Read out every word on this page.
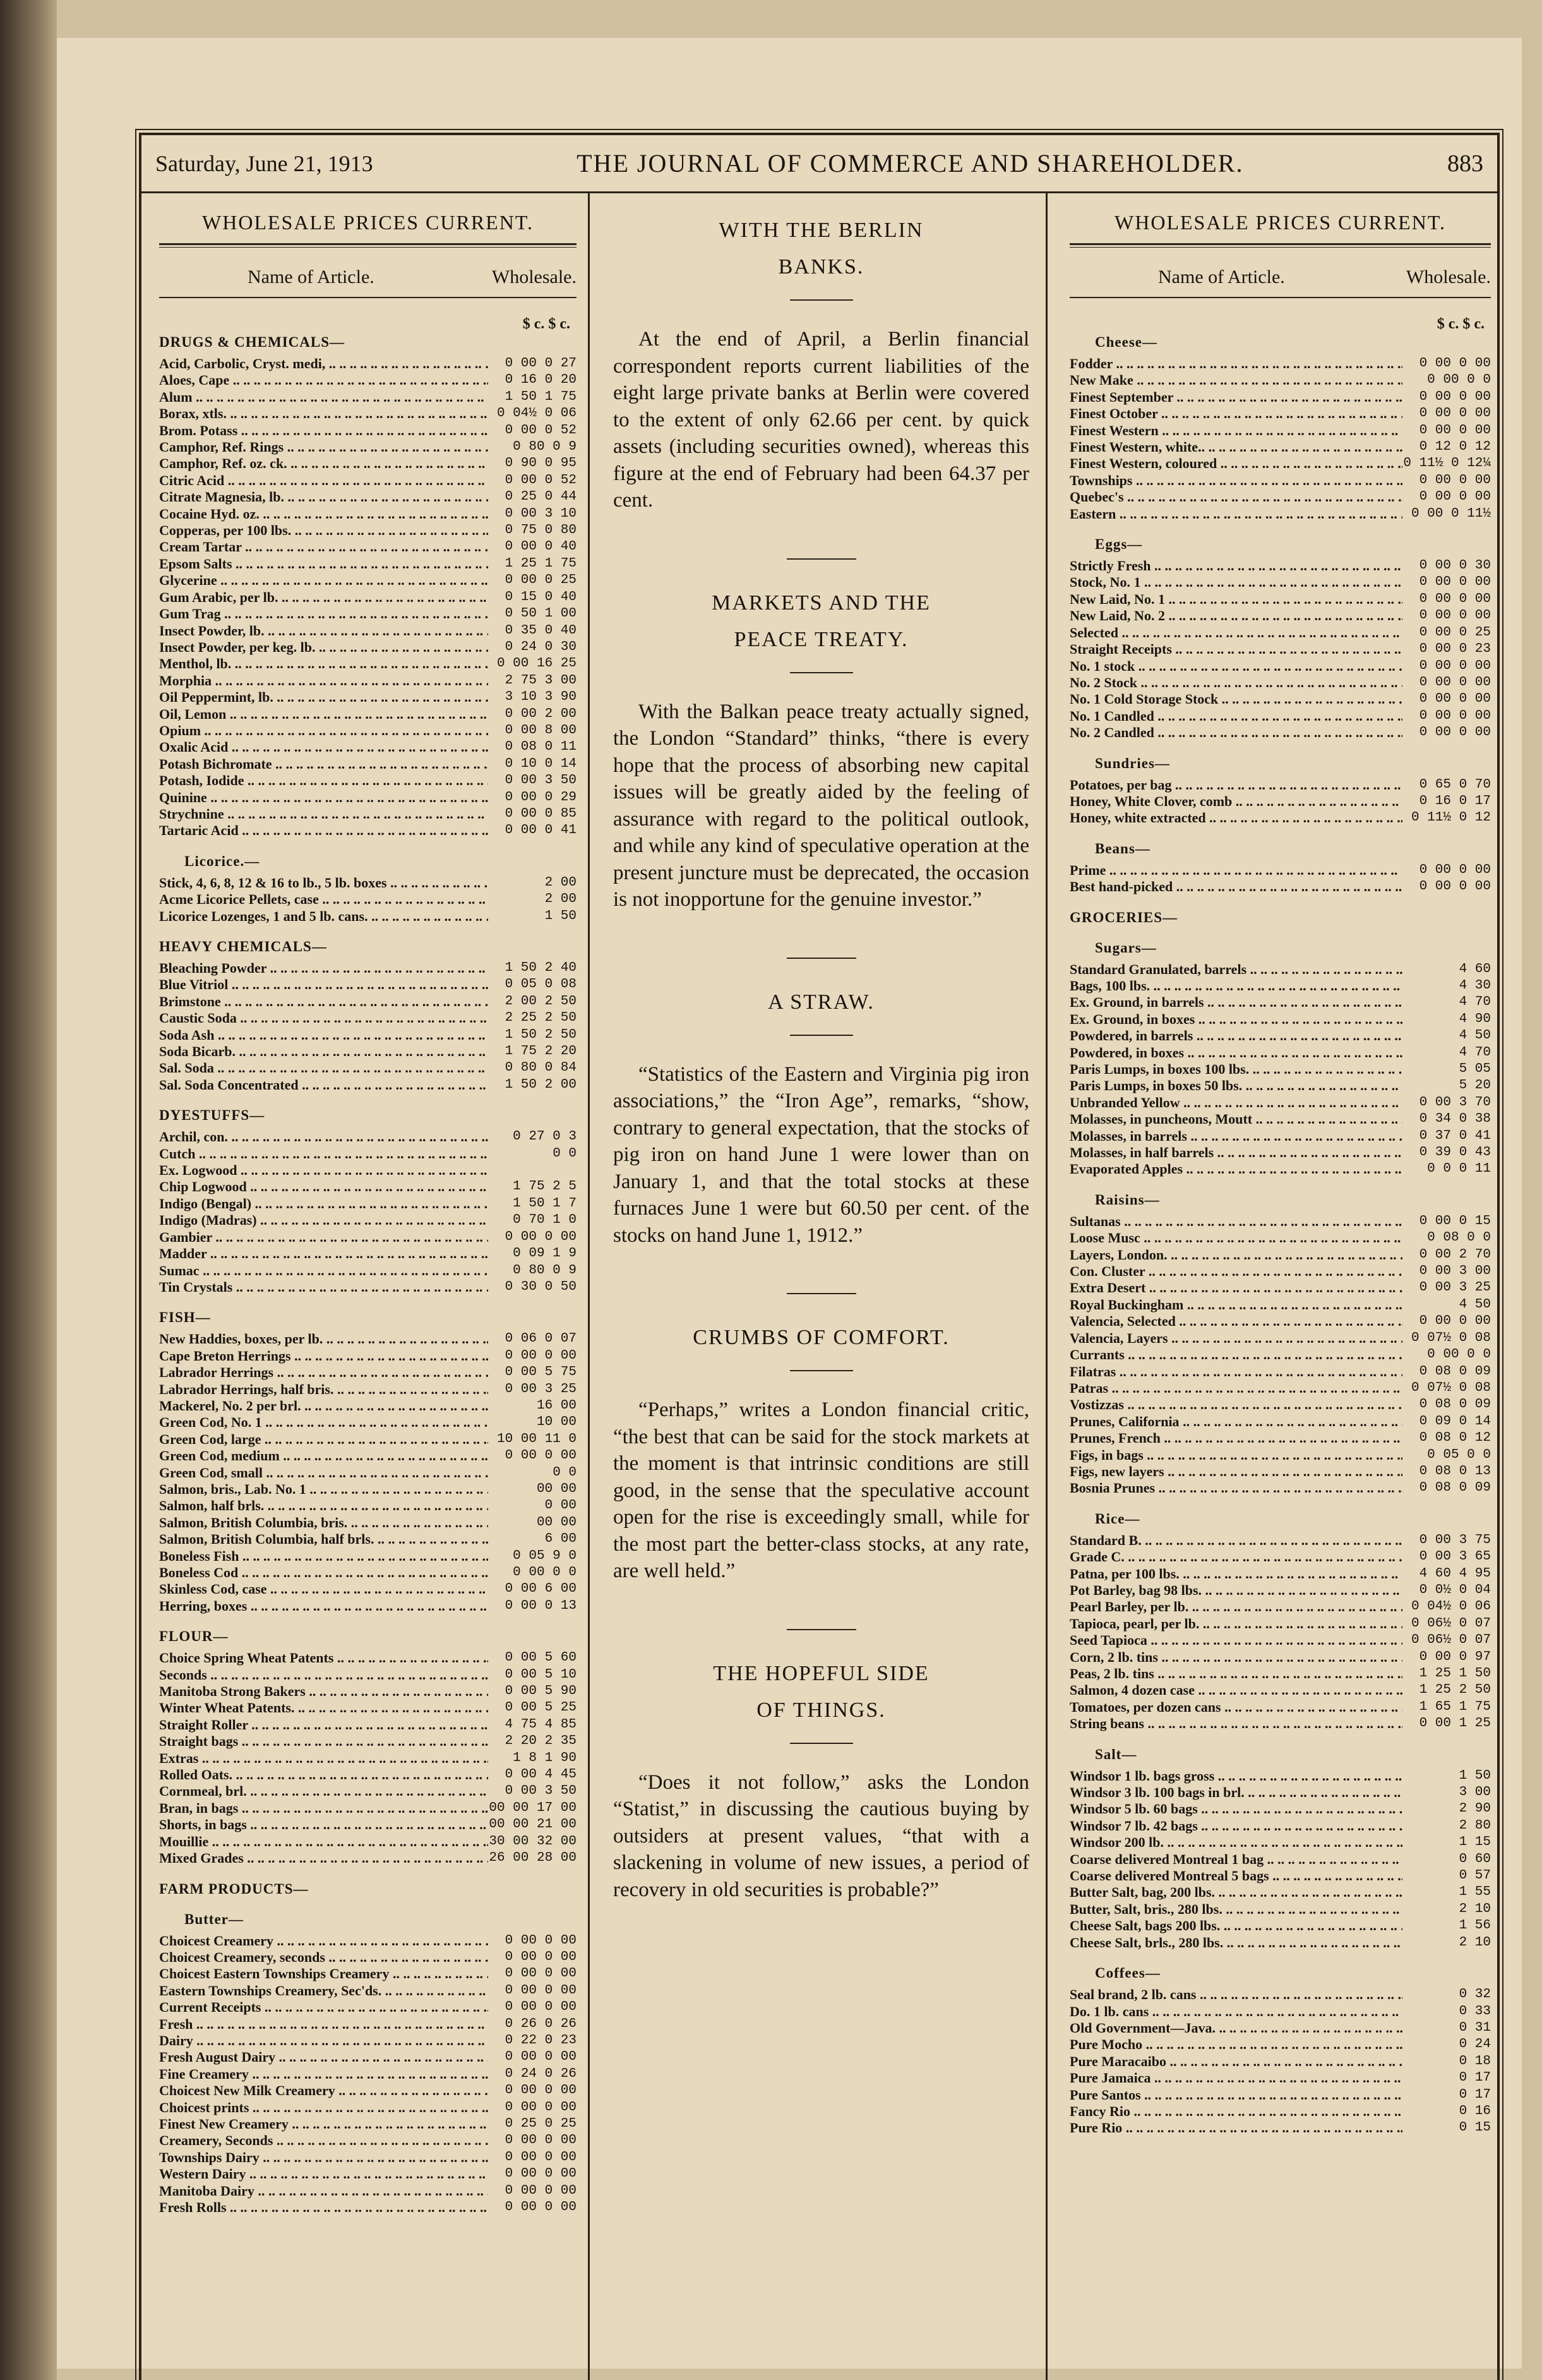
Saturday, June 21, 1913	THE JOURNAL OF COMMERCE AND SHAREHOLDER.	883
WHOLESALE PRICES CURRENT.
Name of Article.	Wholesale.
$ c. $ c.
DRUGS & CHEMICALS—
Acid, Carbolic, Cryst. medi, .. ..	0 00 0 27
Aloes, Cape .. ..	0 16 0 20
Alum .. ..	1 50 1 75
Borax, xtls. .. ..	0 04½ 0 06
Brom. Potass .. ..	0 00 0 52
Camphor, Ref. Rings .. ..	0 80 0 9
Camphor, Ref. oz. ck. .. ..	0 90 0 95
Citric Acid .. ..	0 00 0 52
Citrate Magnesia, lb. .. ..	0 25 0 44
Cocaine Hyd. oz. .. ..	0 00 3 10
Copperas, per 100 lbs. .. ..	0 75 0 80
Cream Tartar .. ..	0 00 0 40
Epsom Salts .. ..	1 25 1 75
Glycerine .. ..	0 00 0 25
Gum Arabic, per lb. .. ..	0 15 0 40
Gum Trag .. ..	0 50 1 00
Insect Powder, lb. .. ..	0 35 0 40
Insect Powder, per keg. lb. .. ..	0 24 0 30
Menthol, lb. .. ..	0 00 16 25
Morphia .. ..	2 75 3 00
Oil Peppermint, lb. .. ..	3 10 3 90
Oil, Lemon .. ..	0 00 2 00
Opium .. ..	0 00 8 00
Oxalic Acid .. ..	0 08 0 11
Potash Bichromate .. ..	0 10 0 14
Potash, Iodide .. ..	0 00 3 50
Quinine .. ..	0 00 0 29
Strychnine .. ..	0 00 0 85
Tartaric Acid .. ..	0 00 0 41
Licorice.—
Stick, 4, 6, 8, 12 & 16 to lb., 5 lb. boxes .. ..	2 00
Acme Licorice Pellets, case .. ..	2 00
Licorice Lozenges, 1 and 5 lb. cans. .. ..	1 50
HEAVY CHEMICALS—
Bleaching Powder .. ..	1 50 2 40
Blue Vitriol .. ..	0 05 0 08
Brimstone .. ..	2 00 2 50
Caustic Soda .. ..	2 25 2 50
Soda Ash .. ..	1 50 2 50
Soda Bicarb. .. ..	1 75 2 20
Sal. Soda .. ..	0 80 0 84
Sal. Soda Concentrated .. ..	1 50 2 00
DYESTUFFS—
Archil, con. .. ..	0 27 0 3
Cutch .. ..	0 0
Ex. Logwood .. ..
Chip Logwood .. ..	1 75 2 5
Indigo (Bengal) .. ..	1 50 1 7
Indigo (Madras) .. ..	0 70 1 0
Gambier .. ..	0 00 0 00
Madder .. ..	0 09 1 9
Sumac .. ..	0 80 0 9
Tin Crystals .. ..	0 30 0 50
FISH—
New Haddies, boxes, per lb. .. ..	0 06 0 07
Cape Breton Herrings .. ..	0 00 0 00
Labrador Herrings .. ..	0 00 5 75
Labrador Herrings, half bris. .. ..	0 00 3 25
Mackerel, No. 2 per brl. .. ..	16 00
Green Cod, No. 1 .. ..	10 00
Green Cod, large .. ..	10 00 11 0
Green Cod, medium .. ..	0 00 0 00
Green Cod, small .. ..	0 0
Salmon, bris., Lab. No. 1 .. ..	00 00
Salmon, half brls. .. ..	0 00
Salmon, British Columbia, bris. .. ..	00 00
Salmon, British Columbia, half brls. .. ..	6 00
Boneless Fish .. ..	0 05 9 0
Boneless Cod .. ..	0 00 0 0
Skinless Cod, case .. ..	0 00 6 00
Herring, boxes .. ..	0 00 0 13
FLOUR—
Choice Spring Wheat Patents .. ..	0 00 5 60
Seconds .. ..	0 00 5 10
Manitoba Strong Bakers .. ..	0 00 5 90
Winter Wheat Patents. .. ..	0 00 5 25
Straight Roller .. ..	4 75 4 85
Straight bags .. ..	2 20 2 35
Extras .. ..	1 8 1 90
Rolled Oats. .. ..	0 00 4 45
Cornmeal, brl. .. ..	0 00 3 50
Bran, in bags .. ..	00 00 17 00
Shorts, in bags .. ..	00 00 21 00
Mouillie .. ..	30 00 32 00
Mixed Grades .. ..	26 00 28 00
FARM PRODUCTS—
Butter—
Choicest Creamery .. ..	0 00 0 00
Choicest Creamery, seconds .. ..	0 00 0 00
Choicest Eastern Townships Creamery .. ..	0 00 0 00
Eastern Townships Creamery, Sec'ds. .. ..	0 00 0 00
Current Receipts .. ..	0 00 0 00
Fresh .. ..	0 26 0 26
Dairy .. ..	0 22 0 23
Fresh August Dairy .. ..	0 00 0 00
Fine Creamery .. ..	0 24 0 26
Choicest New Milk Creamery .. ..	0 00 0 00
Choicest prints .. ..	0 00 0 00
Finest New Creamery .. ..	0 25 0 25
Creamery, Seconds .. ..	0 00 0 00
Townships Dairy .. ..	0 00 0 00
Western Dairy .. ..	0 00 0 00
Manitoba Dairy .. ..	0 00 0 00
Fresh Rolls .. ..	0 00 0 00
WITH THE BERLIN
BANKS.

At the end of April, a Berlin financial correspondent reports current liabilities of the eight large private banks at Berlin were covered to the extent of only 62.66 per cent. by quick assets (including securities owned), whereas this figure at the end of February had been 64.37 per cent.

MARKETS AND THE
PEACE TREATY.

With the Balkan peace treaty actually signed, the London “Standard” thinks, “there is every hope that the process of absorbing new capital issues will be greatly aided by the feeling of assurance with regard to the political outlook, and while any kind of speculative operation at the present juncture must be deprecated, the occasion is not inopportune for the genuine investor.”

A STRAW.

“Statistics of the Eastern and Virginia pig iron associations,” the “Iron Age”, remarks, “show, contrary to general expectation, that the stocks of pig iron on hand June 1 were lower than on January 1, and that the total stocks at these furnaces June 1 were but 60.50 per cent. of the stocks on hand June 1, 1912.”

CRUMBS OF COMFORT.

“Perhaps,” writes a London financial critic, “the best that can be said for the stock markets at the moment is that intrinsic conditions are still good, in the sense that the speculative account open for the rise is exceedingly small, while for the most part the better-class stocks, at any rate, are well held.”

THE HOPEFUL SIDE
OF THINGS.

“Does it not follow,” asks the London “Statist,” in discussing the cautious buying by outsiders at present values, “that with a slackening in volume of new issues, a period of recovery in old securities is probable?”

WHOLESALE PRICES CURRENT.
Name of Article.	Wholesale.
$ c. $ c.
Cheese—
Fodder .. ..	0 00 0 00
New Make .. ..	0 00 0 0
Finest September .. ..	0 00 0 00
Finest October .. ..	0 00 0 00
Finest Western .. ..	0 00 0 00
Finest Western, white.. .. ..	0 12 0 12
Finest Western, coloured .. ..	0 11½ 0 12¼
Townships .. ..	0 00 0 00
Quebec's .. ..	0 00 0 00
Eastern .. ..	0 00 0 11½
Eggs—
Strictly Fresh .. ..	0 00 0 30
Stock, No. 1 .. ..	0 00 0 00
New Laid, No. 1 .. ..	0 00 0 00
New Laid, No. 2 .. ..	0 00 0 00
Selected .. ..	0 00 0 25
Straight Receipts .. ..	0 00 0 23
No. 1 stock .. ..	0 00 0 00
No. 2 Stock .. ..	0 00 0 00
No. 1 Cold Storage Stock .. ..	0 00 0 00
No. 1 Candled .. ..	0 00 0 00
No. 2 Candled .. ..	0 00 0 00
Sundries—
Potatoes, per bag .. ..	0 65 0 70
Honey, White Clover, comb .. ..	0 16 0 17
Honey, white extracted .. ..	0 11½ 0 12
Beans—
Prime .. ..	0 00 0 00
Best hand-picked .. ..	0 00 0 00
GROCERIES—
Sugars—
Standard Granulated, barrels .. ..	4 60
Bags, 100 lbs. .. ..	4 30
Ex. Ground, in barrels .. ..	4 70
Ex. Ground, in boxes .. ..	4 90
Powdered, in barrels .. ..	4 50
Powdered, in boxes .. ..	4 70
Paris Lumps, in boxes 100 lbs. .. ..	5 05
Paris Lumps, in boxes 50 lbs. .. ..	5 20
Unbranded Yellow .. ..	0 00 3 70
Molasses, in puncheons, Moutt .. ..	0 34 0 38
Molasses, in barrels .. ..	0 37 0 41
Molasses, in half barrels .. ..	0 39 0 43
Evaporated Apples .. ..	0 0 0 11
Raisins—
Sultanas .. ..	0 00 0 15
Loose Musc .. ..	0 08 0 0
Layers, London. .. ..	0 00 2 70
Con. Cluster .. ..	0 00 3 00
Extra Desert .. ..	0 00 3 25
Royal Buckingham .. ..	4 50
Valencia, Selected .. ..	0 00 0 00
Valencia, Layers .. ..	0 07½ 0 08
Currants .. ..	0 00 0 0
Filatras .. ..	0 08 0 09
Patras .. ..	0 07½ 0 08
Vostizzas .. ..	0 08 0 09
Prunes, California .. ..	0 09 0 14
Prunes, French .. ..	0 08 0 12
Figs, in bags .. ..	0 05 0 0
Figs, new layers .. ..	0 08 0 13
Bosnia Prunes .. ..	0 08 0 09
Rice—
Standard B. .. ..	0 00 3 75
Grade C. .. ..	0 00 3 65
Patna, per 100 lbs. .. ..	4 60 4 95
Pot Barley, bag 98 lbs. .. ..	0 0½ 0 04
Pearl Barley, per lb. .. ..	0 04½ 0 06
Tapioca, pearl, per lb. .. ..	0 06½ 0 07
Seed Tapioca .. ..	0 06½ 0 07
Corn, 2 lb. tins .. ..	0 00 0 97
Peas, 2 lb. tins .. ..	1 25 1 50
Salmon, 4 dozen case .. ..	1 25 2 50
Tomatoes, per dozen cans .. ..	1 65 1 75
String beans .. ..	0 00 1 25
Salt—
Windsor 1 lb. bags gross .. ..	1 50
Windsor 3 lb. 100 bags in brl. .. ..	3 00
Windsor 5 lb. 60 bags .. ..	2 90
Windsor 7 lb. 42 bags .. ..	2 80
Windsor 200 lb. .. ..	1 15
Coarse delivered Montreal 1 bag .. ..	0 60
Coarse delivered Montreal 5 bags .. ..	0 57
Butter Salt, bag, 200 lbs. .. ..	1 55
Butter, Salt, bris., 280 lbs. .. ..	2 10
Cheese Salt, bags 200 lbs. .. ..	1 56
Cheese Salt, brls., 280 lbs. .. ..	2 10
Coffees—
Seal brand, 2 lb. cans .. ..	0 32
Do. 1 lb. cans .. ..	0 33
Old Government—Java. .. ..	0 31
Pure Mocho .. ..	0 24
Pure Maracaibo .. ..	0 18
Pure Jamaica .. ..	0 17
Pure Santos .. ..	0 17
Fancy Rio .. ..	0 16
Pure Rio .. ..	0 15
